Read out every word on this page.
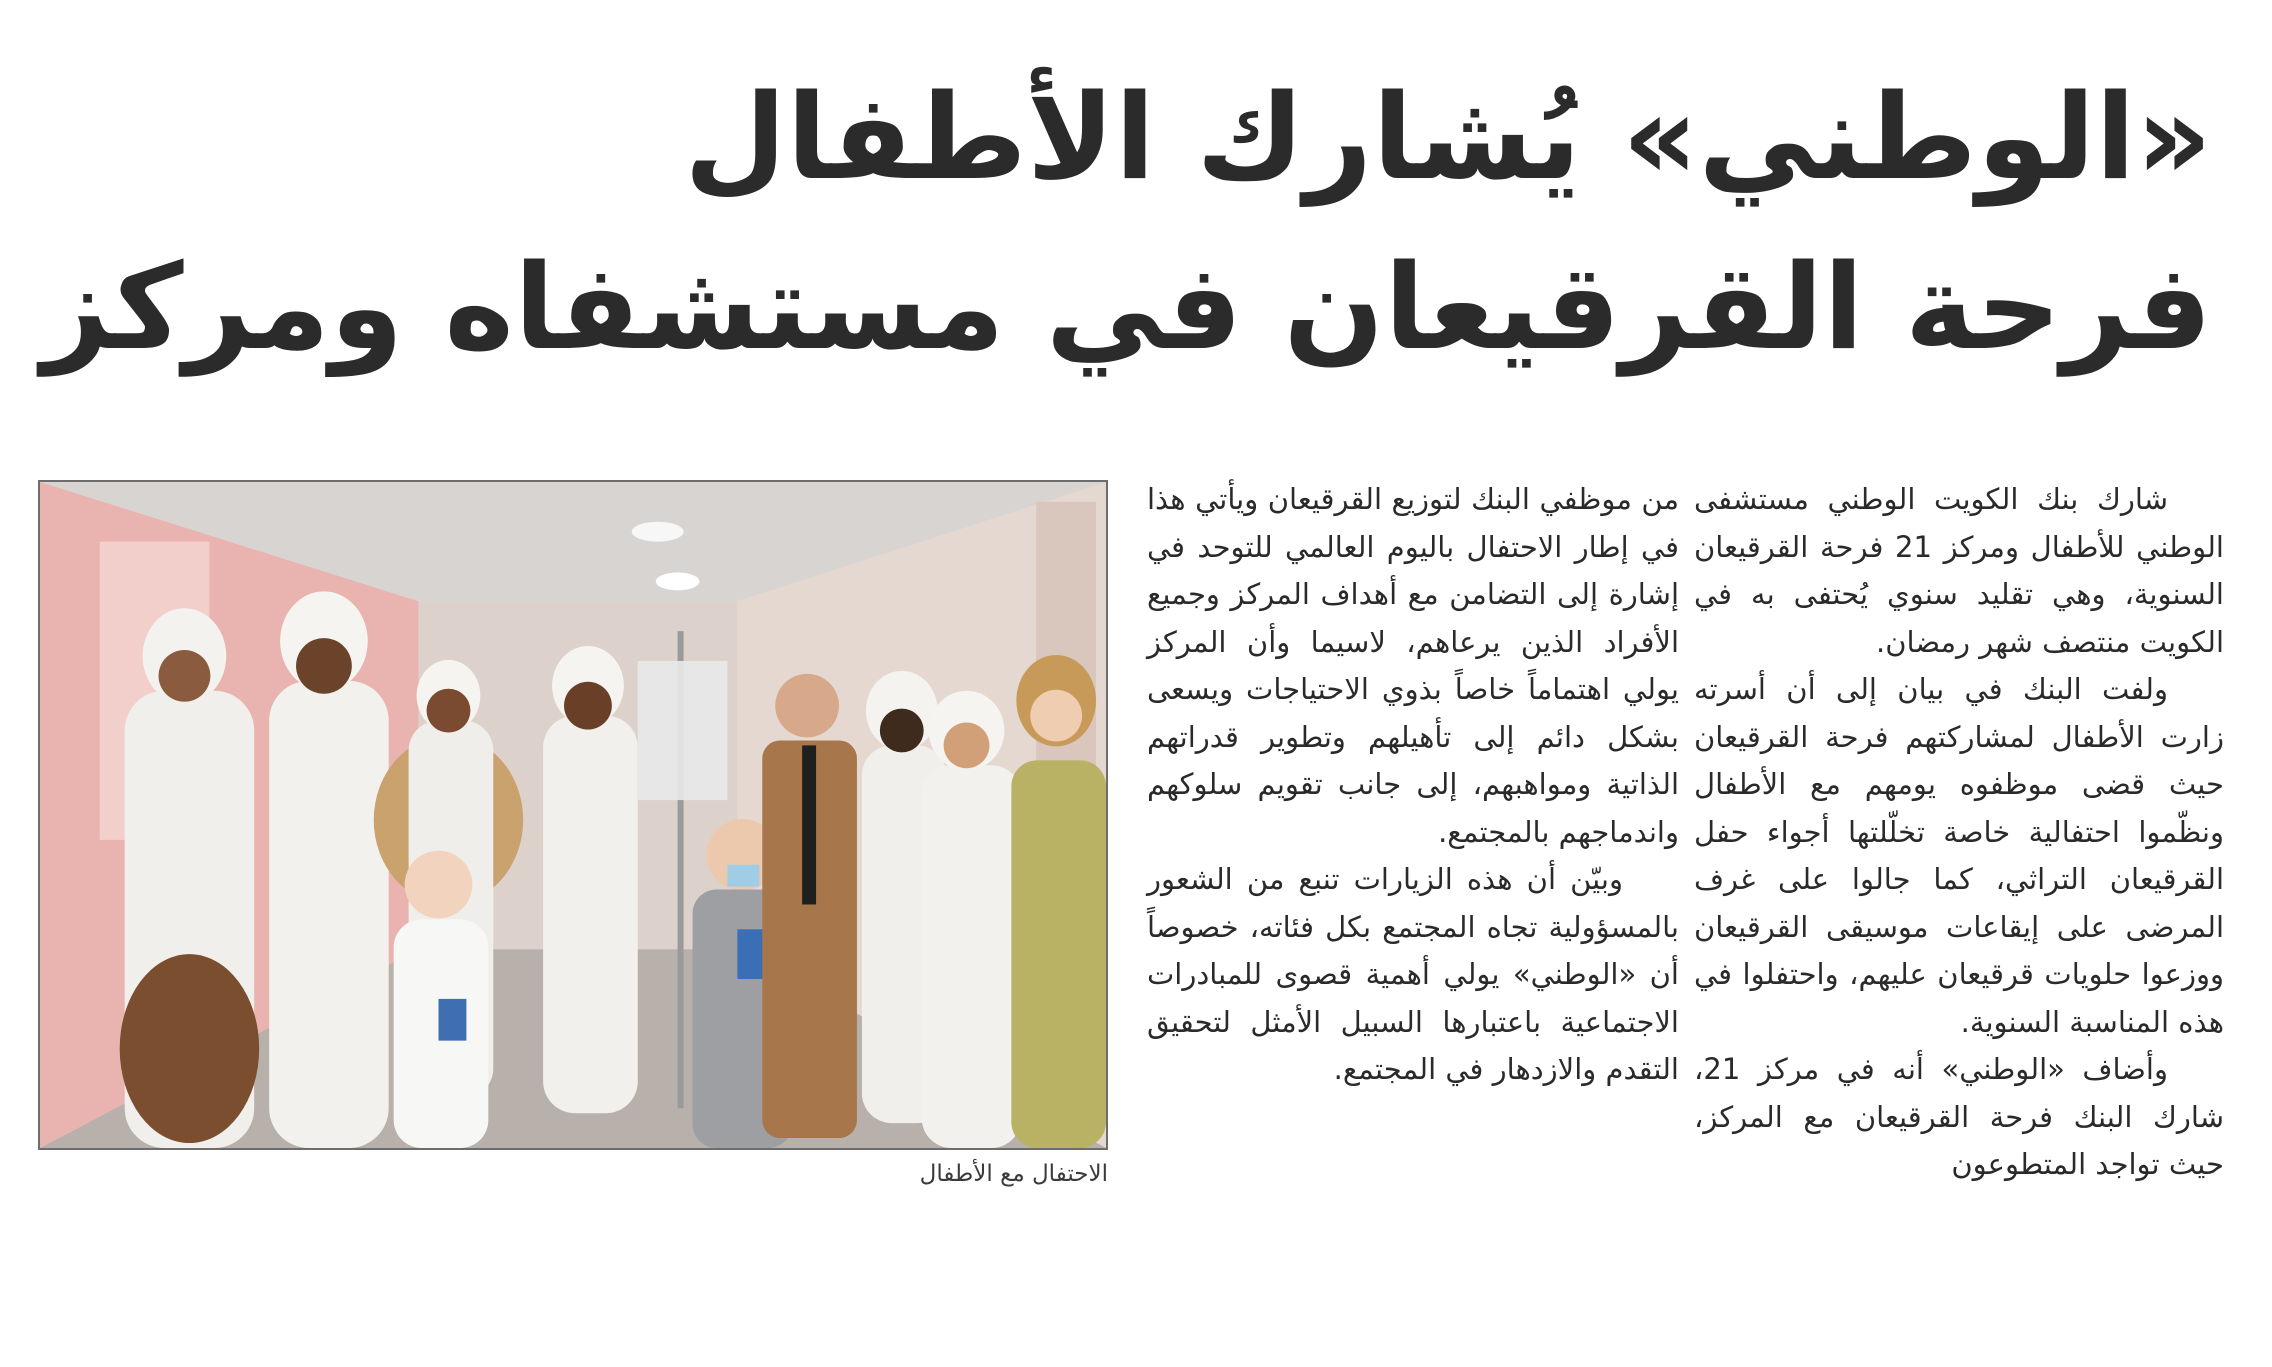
«الوطني» يُشارك الأطفال
فرحة القرقيعان في مستشفاه ومركز

شارك بنك الكويت الوطني مستشفى الوطني للأطفال ومركز 21 فرحة القرقيعان السنوية، وهي تقليد سنوي يُحتفى به في الكويت منتصف شهر رمضان.

ولفت البنك في بيان إلى أن أسرته زارت الأطفال لمشاركتهم فرحة القرقيعان حيث قضى موظفوه يومهم مع الأطفال ونظّموا احتفالية خاصة تخلّلتها أجواء حفل القرقيعان التراثي، كما جالوا على غرف المرضى على إيقاعات موسيقى القرقيعان ووزعوا حلويات قرقيعان عليهم، واحتفلوا في هذه المناسبة السنوية.

وأضاف «الوطني» أنه في مركز 21، شارك البنك فرحة القرقيعان مع المركز، حيث تواجد المتطوعون

من موظفي البنك لتوزيع القرقيعان ويأتي هذا في إطار الاحتفال باليوم العالمي للتوحد في إشارة إلى التضامن مع أهداف المركز وجميع الأفراد الذين يرعاهم، لاسيما وأن المركز يولي اهتماماً خاصاً بذوي الاحتياجات ويسعى بشكل دائم إلى تأهيلهم وتطوير قدراتهم الذاتية ومواهبهم، إلى جانب تقويم سلوكهم واندماجهم بالمجتمع.

وبيّن أن هذه الزيارات تنبع من الشعور بالمسؤولية تجاه المجتمع بكل فئاته، خصوصاً أن «الوطني» يولي أهمية قصوى للمبادرات الاجتماعية باعتبارها السبيل الأمثل لتحقيق التقدم والازدهار في المجتمع.

الاحتفال مع الأطفال
